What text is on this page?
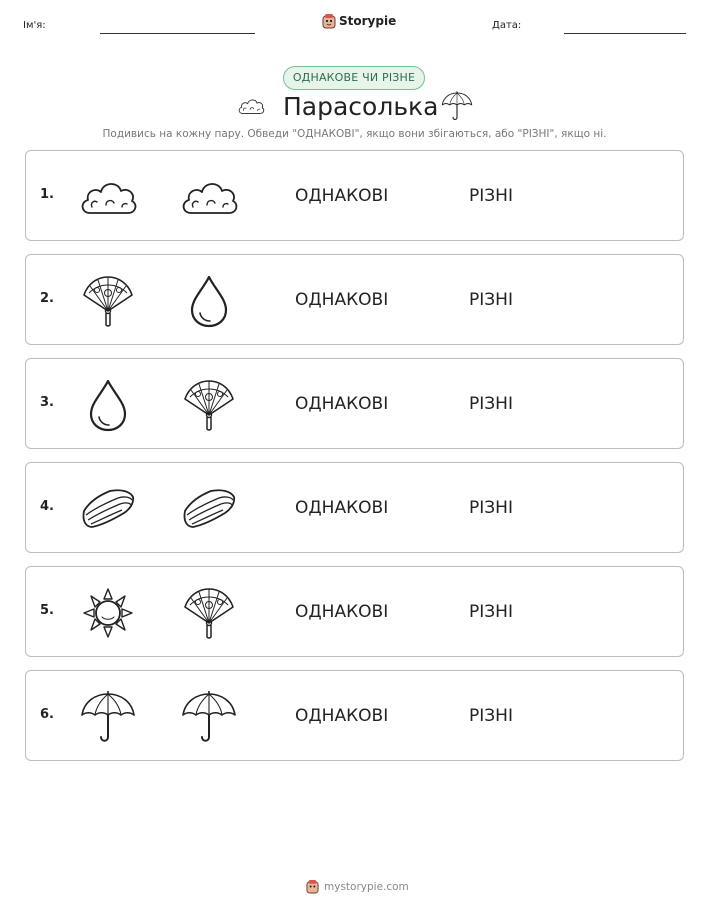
Ім'я:	Storypie	Дата:
ОДНАКОВЕ ЧИ РІЗНЕ
Парасолька
Подивись на кожну пару. Обведи "ОДНАКОВІ", якщо вони збігаються, або "РІЗНІ", якщо ні.
1.	ОДНАКОВІ	РІЗНІ
2.	ОДНАКОВІ	РІЗНІ
3.	ОДНАКОВІ	РІЗНІ
4.	ОДНАКОВІ	РІЗНІ
5.	ОДНАКОВІ	РІЗНІ
6.	ОДНАКОВІ	РІЗНІ
mystorypie.com
